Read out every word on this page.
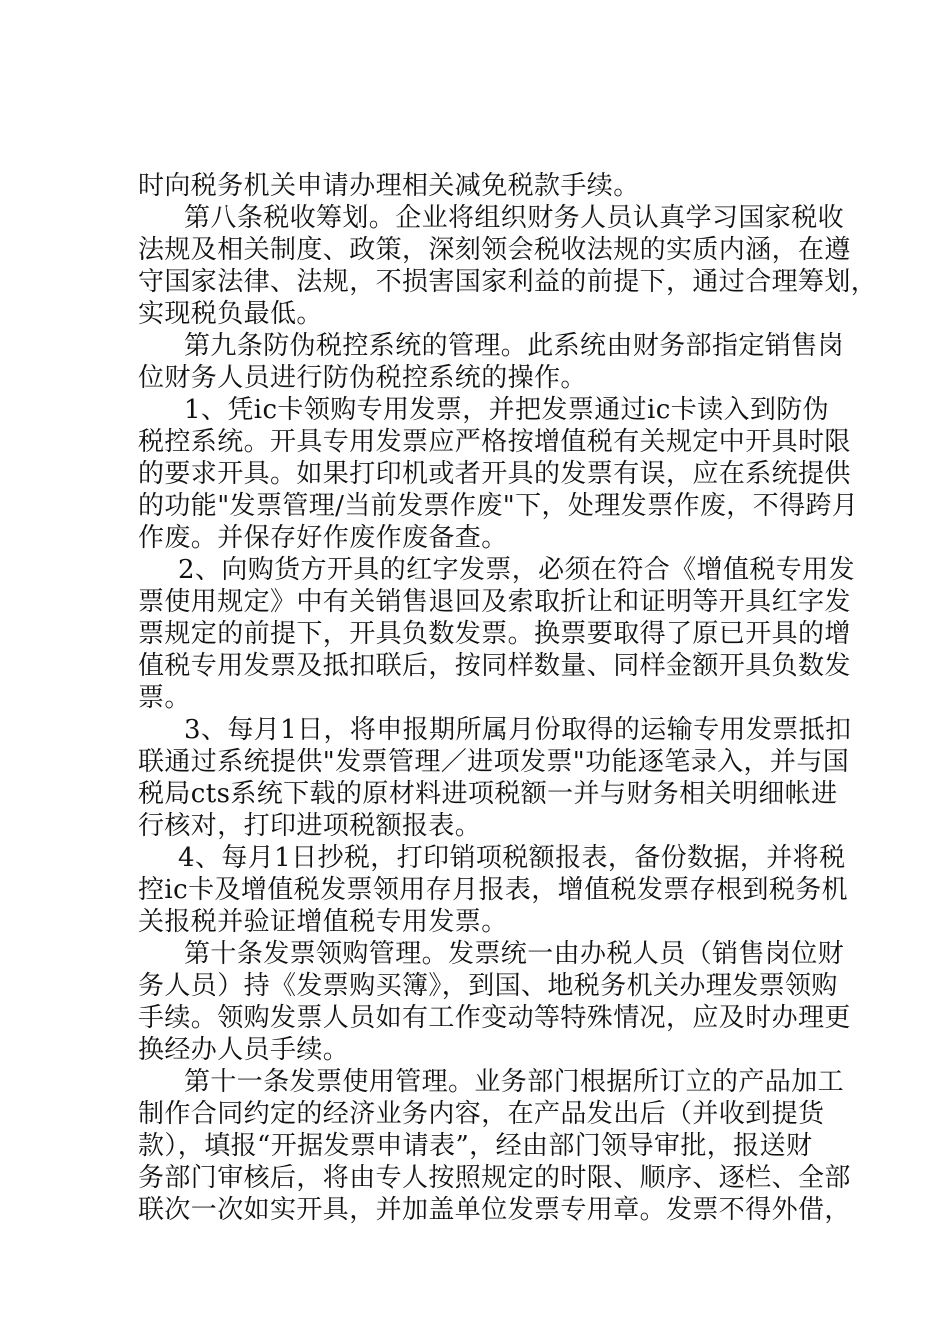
时向税务机关申请办理相关减免税款手续。
第八条税收筹划。企业将组织财务人员认真学习国家税收
法规及相关制度、政策，深刻领会税收法规的实质内涵，在遵
守国家法律、法规，不损害国家利益的前提下，通过合理筹划，
实现税负最低。
第九条防伪税控系统的管理。此系统由财务部指定销售岗
位财务人员进行防伪税控系统的操作。
1、凭ic卡领购专用发票，并把发票通过ic卡读入到防伪
税控系统。开具专用发票应严格按增值税有关规定中开具时限
的要求开具。如果打印机或者开具的发票有误，应在系统提供
的功能"发票管理/当前发票作废"下，处理发票作废，不得跨月
作废。并保存好作废作废备查。
2、向购货方开具的红字发票，必须在符合《增值税专用发
票使用规定》中有关销售退回及索取折让和证明等开具红字发
票规定的前提下，开具负数发票。换票要取得了原已开具的增
值税专用发票及抵扣联后，按同样数量、同样金额开具负数发
票。
3、每月1日，将申报期所属月份取得的运输专用发票抵扣
联通过系统提供"发票管理／进项发票"功能逐笔录入，并与国
税局cts系统下载的原材料进项税额一并与财务相关明细帐进
行核对，打印进项税额报表。
4、每月1日抄税，打印销项税额报表，备份数据，并将税
控ic卡及增值税发票领用存月报表，增值税发票存根到税务机
关报税并验证增值税专用发票。
第十条发票领购管理。发票统一由办税人员（销售岗位财
务人员）持《发票购买簿》，到国、地税务机关办理发票领购
手续。领购发票人员如有工作变动等特殊情况，应及时办理更
换经办人员手续。
第十一条发票使用管理。业务部门根据所订立的产品加工
制作合同约定的经济业务内容，在产品发出后（并收到提货
款），填报“开据发票申请表”，经由部门领导审批，报送财
务部门审核后，将由专人按照规定的时限、顺序、逐栏、全部
联次一次如实开具，并加盖单位发票专用章。发票不得外借，
